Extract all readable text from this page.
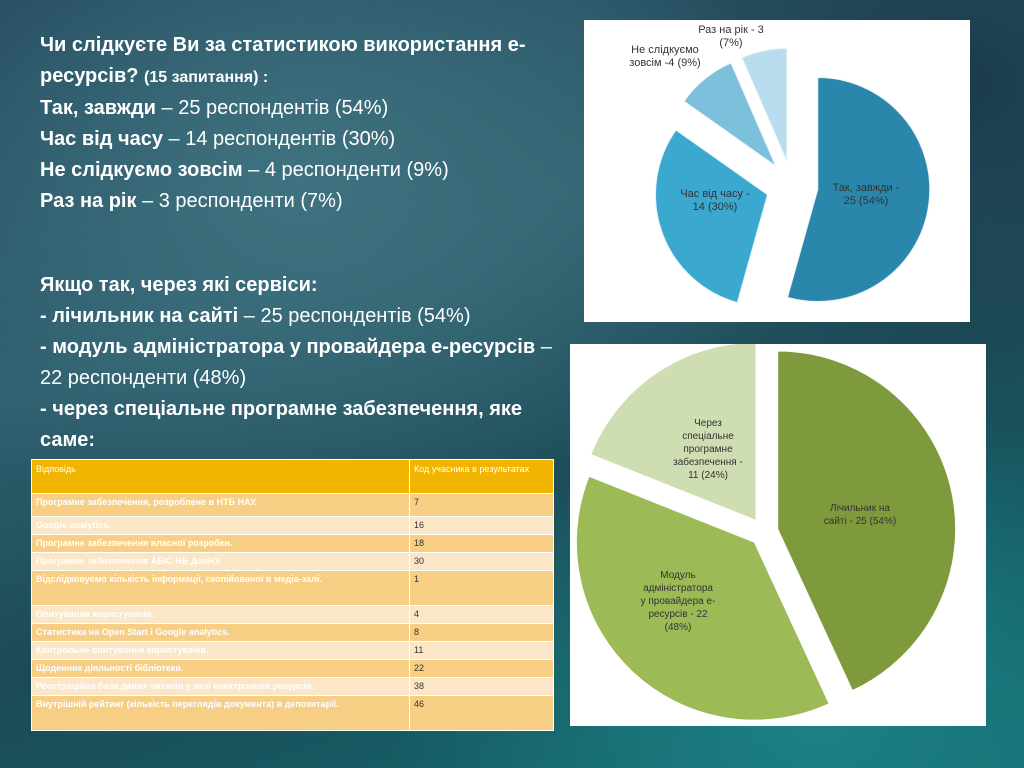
Чи слідкуєте Ви за статистикою використання е-ресурсів? (15 запитання) :
Так, завжди – 25 респондентів (54%)
Час від часу – 14 респондентів (30%)
Не слідкуємо зовсім – 4 респонденти (9%)
Раз на рік – 3 респонденти (7%)
Якщо так, через які сервіси:
- лічильник на сайті – 25 респондентів (54%)
- модуль адміністратора у провайдера е-ресурсів – 22 респонденти (48%)
- через спеціальне програмне забезпечення, яке саме:
Так, завжди -25 (54%)
Час від часу -14 (30%)
Не слідкуємо зовсім -4 (9%)
Раз на рік - 3 (7%)
Лічильник на сайті - 25 (54%)
Модуль адміністратора у провайдера е-ресурсів - 22 (48%)
Через спеціальне програмне забезпечення -11 (24%)
Відповідь	Код учасника в результатах
Програмне забезпечення, розроблене в НТБ НАУ.	7
Google analytics.	16
Програмне забезпечення власної розробки.	18
Програмне забезпечення АБІС НБ ДонНУ.	30
Відслідковуємо кількість інформації, скопійованої в медіа-залі.	1
Опитування користувачів.	4
Статистика на Open Start і Google analytics.	8
Контрольне опитування користувачів.	11
Щоденник діяльності бібліотеки.	22
Реєстраційна база даних читачів у залі електронних ресурсів.	38
Внутрішній рейтинг (кількість переглядів документа) в депозитарії.	46
